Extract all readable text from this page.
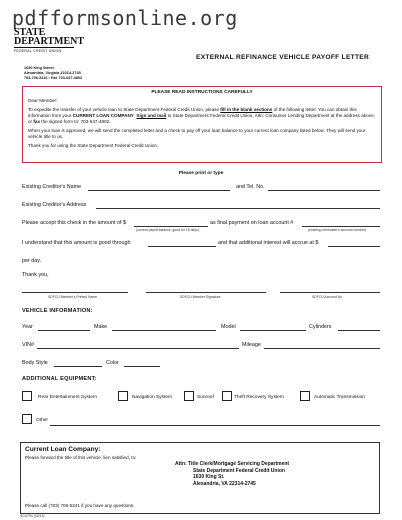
pdfformsonline.org
STATE
DEPARTMENT
FEDERAL CREDIT UNION
1630 King Street
Alexandria, Virginia 22314-2745
703-706-5116 • Fax 703-647-4802
EXTERNAL REFINANCE VEHICLE PAYOFF LETTER
PLEASE READ INSTRUCTIONS CAREFULLY

Dear Member:

To expedite the transfer of your vehicle loan to State Department Federal Credit Union, please fill in the blank sections of the following letter. You can obtain this information from your CURRENT LOAN COMPANY. Sign and mail to State Department Federal Credit Union, Attn: Consumer Lending Department at the address above, or fax the signed form to: 703-647-4802.

When your loan is approved, we will send the completed letter and a check to pay off your loan balance to your current loan company listed below. They will send your vehicle title to us.

Thank you for using the State Department Federal Credit Union.

Please print or type
Existing Creditor's Name	and Tel. No.
Existing Creditor's Address
Please accept this check in the amount of $	as final payment on loan account #
(current payoff balance, good for 15 days)	(existing Lienholder's account number)
I understand that this amount is good through	and that additional interest will accrue at $
per day.
Thank you,
SDFCU Member's Printed Name	SDFCU Member Signature	SDFCU Account No.
VEHICLE INFORMATION:
Year	Make	Model	Cylinders
VIN#	Mileage
Body Style	Color
ADDITIONAL EQUIPMENT:
Rear Entertainment System	Navigation System	Sunroof	Theft Recovery System	Automatic Transmission
Other
Current Loan Company:
Please forward the title of this vehicle, lien satisfied, to:
Attn: Title Clerk/Mortgage Servicing Department
State Department Federal Credit Union
1630 King St.
Alexandria, VA 22314-2745
Please call (703) 706-5241 if you have any questions.
SCU794 (03/13)
